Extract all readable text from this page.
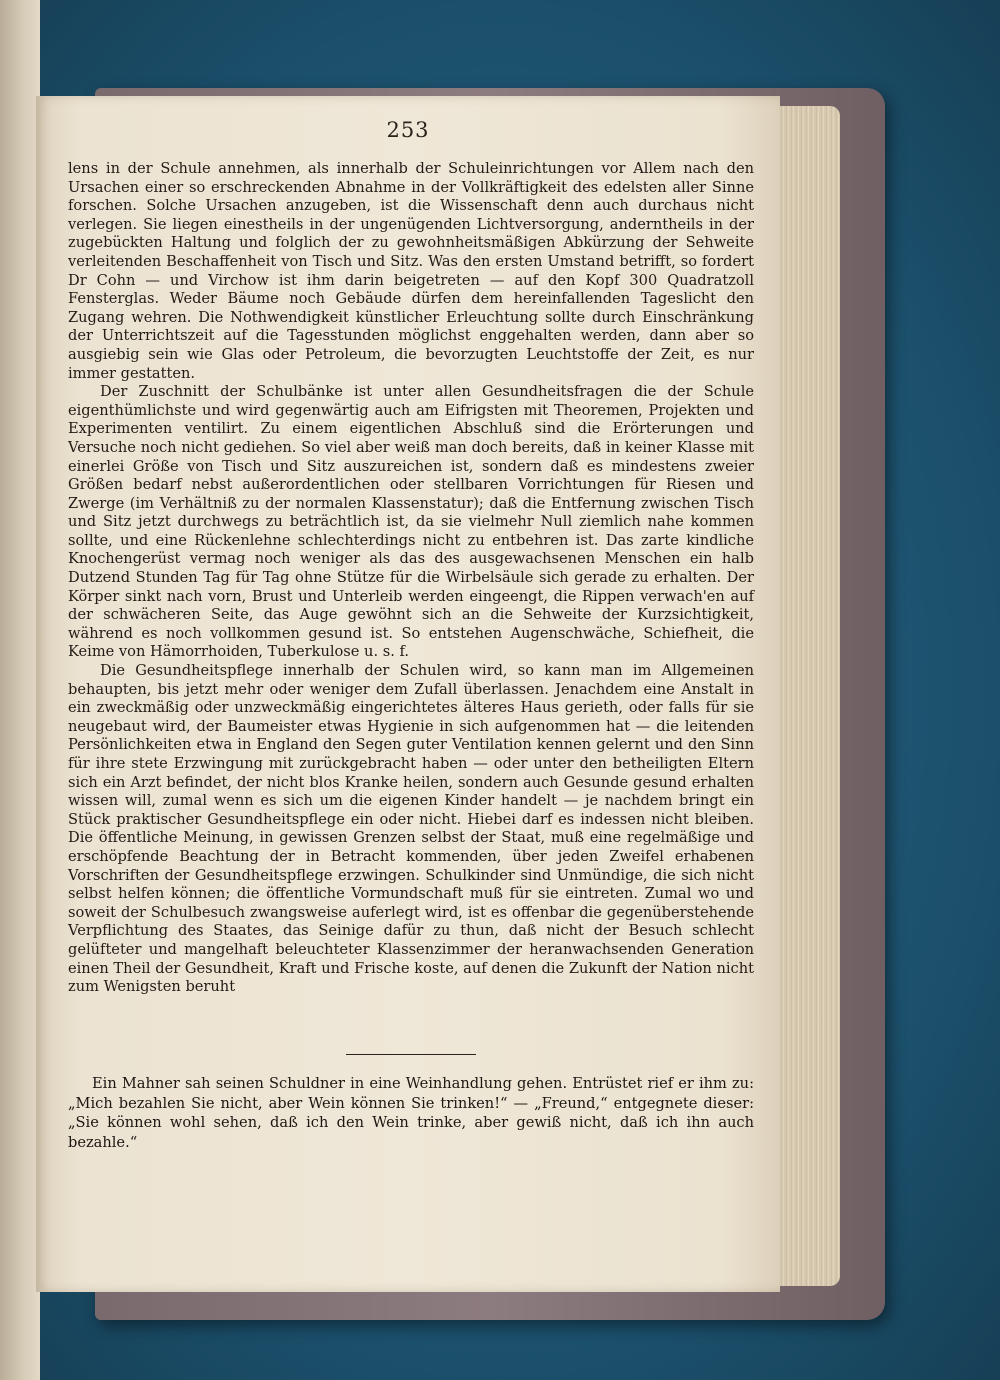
253

lens in der Schule annehmen, als innerhalb der Schuleinrichtungen vor Allem nach den Ursachen einer so erschreckenden Abnahme in der Vollkräftigkeit des edelsten aller Sinne forschen. Solche Ursachen anzugeben, ist die Wissenschaft denn auch durchaus nicht verlegen. Sie liegen einestheils in der ungenügenden Lichtversorgung, anderntheils in der zugebückten Haltung und folglich der zu gewohnheitsmäßigen Abkürzung der Sehweite verleitenden Beschaffenheit von Tisch und Sitz. Was den ersten Umstand betrifft, so fordert Dr Cohn — und Virchow ist ihm darin beigetreten — auf den Kopf 300 Quadratzoll Fensterglas. Weder Bäume noch Gebäude dürfen dem hereinfallenden Tageslicht den Zugang wehren. Die Nothwendigkeit künstlicher Erleuchtung sollte durch Einschränkung der Unterrichtszeit auf die Tagesstunden möglichst enggehalten werden, dann aber so ausgiebig sein wie Glas oder Petroleum, die bevorzugten Leuchtstoffe der Zeit, es nur immer gestatten.

Der Zuschnitt der Schulbänke ist unter allen Gesundheitsfragen die der Schule eigenthümlichste und wird gegenwärtig auch am Eifrigsten mit Theoremen, Projekten und Experimenten ventilirt. Zu einem eigentlichen Abschluß sind die Erörterungen und Versuche noch nicht gediehen. So viel aber weiß man doch bereits, daß in keiner Klasse mit einerlei Größe von Tisch und Sitz auszureichen ist, sondern daß es mindestens zweier Größen bedarf nebst außerordentlichen oder stellbaren Vorrichtungen für Riesen und Zwerge (im Verhältniß zu der normalen Klassenstatur); daß die Entfernung zwischen Tisch und Sitz jetzt durchwegs zu beträchtlich ist, da sie vielmehr Null ziemlich nahe kommen sollte, und eine Rückenlehne schlechterdings nicht zu entbehren ist. Das zarte kindliche Knochengerüst vermag noch weniger als das des ausgewachsenen Menschen ein halb Dutzend Stunden Tag für Tag ohne Stütze für die Wirbelsäule sich gerade zu erhalten. Der Körper sinkt nach vorn, Brust und Unterleib werden eingeengt, die Rippen verwach'en auf der schwächeren Seite, das Auge gewöhnt sich an die Sehweite der Kurzsichtigkeit, während es noch vollkommen gesund ist. So entstehen Augenschwäche, Schiefheit, die Keime von Hämorrhoiden, Tuberkulose u. s. f.

Die Gesundheitspflege innerhalb der Schulen wird, so kann man im Allgemeinen behaupten, bis jetzt mehr oder weniger dem Zufall überlassen. Jenachdem eine Anstalt in ein zweckmäßig oder unzweckmäßig eingerichtetes älteres Haus gerieth, oder falls für sie neugebaut wird, der Baumeister etwas Hygienie in sich aufgenommen hat — die leitenden Persönlichkeiten etwa in England den Segen guter Ventilation kennen gelernt und den Sinn für ihre stete Erzwingung mit zurückgebracht haben — oder unter den betheiligten Eltern sich ein Arzt befindet, der nicht blos Kranke heilen, sondern auch Gesunde gesund erhalten wissen will, zumal wenn es sich um die eigenen Kinder handelt — je nachdem bringt ein Stück praktischer Gesundheitspflege ein oder nicht. Hiebei darf es indessen nicht bleiben. Die öffentliche Meinung, in gewissen Grenzen selbst der Staat, muß eine regelmäßige und erschöpfende Beachtung der in Betracht kommenden, über jeden Zweifel erhabenen Vorschriften der Gesundheitspflege erzwingen. Schulkinder sind Unmündige, die sich nicht selbst helfen können; die öffentliche Vormundschaft muß für sie eintreten. Zumal wo und soweit der Schulbesuch zwangsweise auferlegt wird, ist es offenbar die gegenüberstehende Verpflichtung des Staates, das Seinige dafür zu thun, daß nicht der Besuch schlecht gelüfteter und mangelhaft beleuchteter Klassenzimmer der heranwachsenden Generation einen Theil der Gesundheit, Kraft und Frische koste, auf denen die Zukunft der Nation nicht zum Wenigsten beruht

Ein Mahner sah seinen Schuldner in eine Weinhandlung gehen. Entrüstet rief er ihm zu: „Mich bezahlen Sie nicht, aber Wein können Sie trinken!“ — „Freund,“ entgegnete dieser: „Sie können wohl sehen, daß ich den Wein trinke, aber gewiß nicht, daß ich ihn auch bezahle.“
